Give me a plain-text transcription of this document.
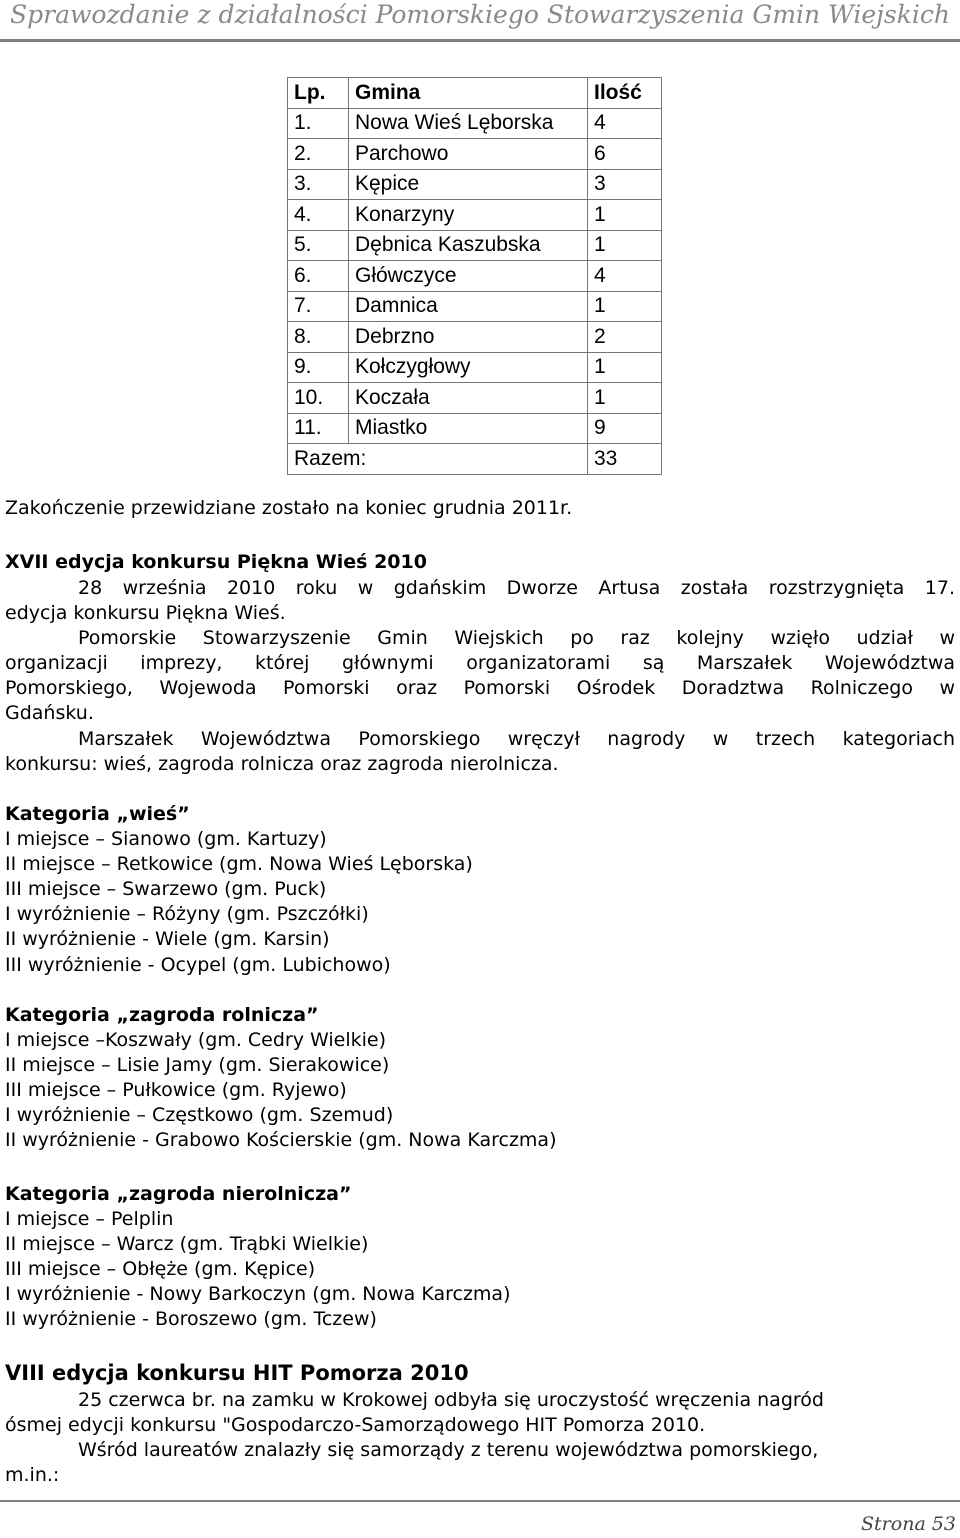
Sprawozdanie z działalności Pomorskiego Stowarzyszenia Gmin Wiejskich
Lp.	Gmina	Ilość
1.	Nowa Wieś Lęborska	4
2.	Parchowo	6
3.	Kępice	3
4.	Konarzyny	1
5.	Dębnica Kaszubska	1
6.	Główczyce	4
7.	Damnica	1
8.	Debrzno	2
9.	Kołczygłowy	1
10.	Koczała	1
11.	Miastko	9
Razem:		33
Zakończenie przewidziane zostało na koniec grudnia 2011r.
XVII edycja konkursu Piękna Wieś 2010
28 września 2010 roku w gdańskim Dworze Artusa została rozstrzygnięta 17.
edycja konkursu Piękna Wieś.
Pomorskie Stowarzyszenie Gmin Wiejskich po raz kolejny wzięło udział w
organizacji imprezy, której głównymi organizatorami są Marszałek Województwa
Pomorskiego, Wojewoda Pomorski oraz Pomorski Ośrodek Doradztwa Rolniczego w
Gdańsku.
Marszałek Województwa Pomorskiego wręczył nagrody w trzech kategoriach
konkursu: wieś, zagroda rolnicza oraz zagroda nierolnicza.
Kategoria „wieś”
I miejsce – Sianowo (gm. Kartuzy)
II miejsce – Retkowice (gm. Nowa Wieś Lęborska)
III miejsce – Swarzewo (gm. Puck)
I wyróżnienie – Różyny (gm. Pszczółki)
II wyróżnienie - Wiele (gm. Karsin)
III wyróżnienie - Ocypel (gm. Lubichowo)
Kategoria „zagroda rolnicza”
I miejsce –Koszwały (gm. Cedry Wielkie)
II miejsce – Lisie Jamy (gm. Sierakowice)
III miejsce – Pułkowice (gm. Ryjewo)
I wyróżnienie – Częstkowo (gm. Szemud)
II wyróżnienie - Grabowo Kościerskie (gm. Nowa Karczma)
Kategoria „zagroda nierolnicza”
I miejsce – Pelplin
II miejsce – Warcz (gm. Trąbki Wielkie)
III miejsce – Obłęże (gm. Kępice)
I wyróżnienie - Nowy Barkoczyn (gm. Nowa Karczma)
II wyróżnienie - Boroszewo (gm. Tczew)
VIII edycja konkursu HIT Pomorza 2010
25 czerwca br. na zamku w Krokowej odbyła się uroczystość wręczenia nagród
ósmej edycji konkursu "Gospodarczo-Samorządowego HIT Pomorza 2010.
Wśród laureatów znalazły się samorządy z terenu województwa pomorskiego,
m.in.:
Strona 53
